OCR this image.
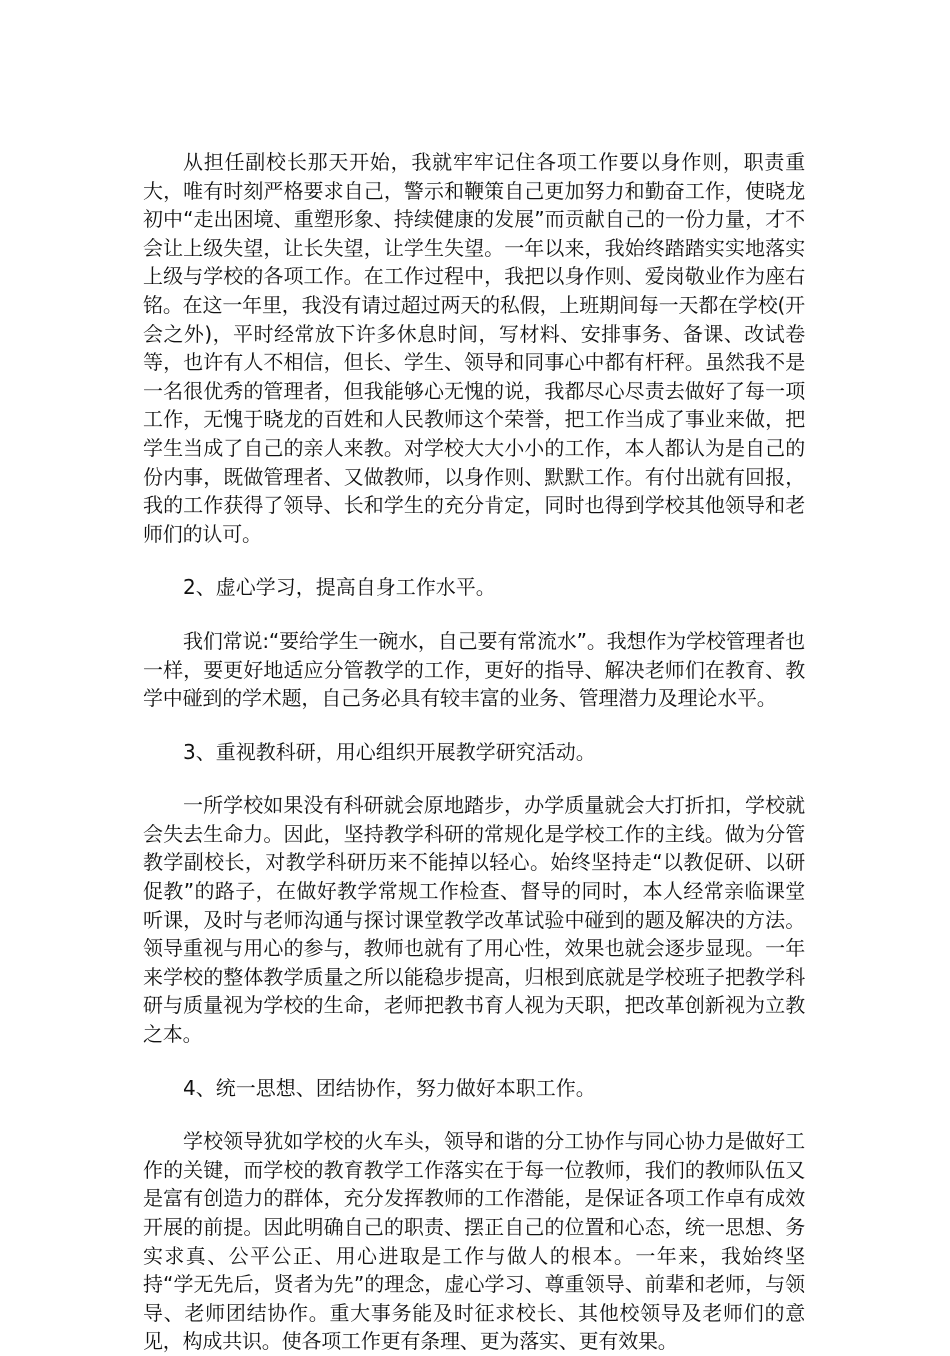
从担任副校长那天开始，我就牢牢记住各项工作要以身作则，职责重大，唯有时刻严格要求自己，警示和鞭策自己更加努力和勤奋工作，使晓龙初中“走出困境、重塑形象、持续健康的发展”而贡献自己的一份力量，才不会让上级失望，让长失望，让学生失望。一年以来，我始终踏踏实实地落实上级与学校的各项工作。在工作过程中，我把以身作则、爱岗敬业作为座右铭。在这一年里，我没有请过超过两天的私假，上班期间每一天都在学校(开会之外)，平时经常放下许多休息时间，写材料、安排事务、备课、改试卷等，也许有人不相信，但长、学生、领导和同事心中都有杆秤。虽然我不是一名很优秀的管理者，但我能够心无愧的说，我都尽心尽责去做好了每一项工作，无愧于晓龙的百姓和人民教师这个荣誉，把工作当成了事业来做，把学生当成了自己的亲人来教。对学校大大小小的工作，本人都认为是自己的份内事，既做管理者、又做教师，以身作则、默默工作。有付出就有回报，我的工作获得了领导、长和学生的充分肯定，同时也得到学校其他领导和老师们的认可。

2、虚心学习，提高自身工作水平。

我们常说:“要给学生一碗水，自己要有常流水”。我想作为学校管理者也一样，要更好地适应分管教学的工作，更好的指导、解决老师们在教育、教学中碰到的学术题，自己务必具有较丰富的业务、管理潜力及理论水平。

3、重视教科研，用心组织开展教学研究活动。

一所学校如果没有科研就会原地踏步，办学质量就会大打折扣，学校就会失去生命力。因此，坚持教学科研的常规化是学校工作的主线。做为分管教学副校长，对教学科研历来不能掉以轻心。始终坚持走“以教促研、以研促教”的路子，在做好教学常规工作检查、督导的同时，本人经常亲临课堂听课，及时与老师沟通与探讨课堂教学改革试验中碰到的题及解决的方法。领导重视与用心的参与，教师也就有了用心性，效果也就会逐步显现。一年来学校的整体教学质量之所以能稳步提高，归根到底就是学校班子把教学科研与质量视为学校的生命，老师把教书育人视为天职，把改革创新视为立教之本。

4、统一思想、团结协作，努力做好本职工作。

学校领导犹如学校的火车头，领导和谐的分工协作与同心协力是做好工作的关键，而学校的教育教学工作落实在于每一位教师，我们的教师队伍又是富有创造力的群体，充分发挥教师的工作潜能，是保证各项工作卓有成效开展的前提。因此明确自己的职责、摆正自己的位置和心态，统一思想、务实求真、公平公正、用心进取是工作与做人的根本。一年来，我始终坚持“学无先后，贤者为先”的理念，虚心学习、尊重领导、前辈和老师，与领导、老师团结协作。重大事务能及时征求校长、其他校领导及老师们的意见，构成共识。使各项工作更有条理、更为落实、更有效果。
